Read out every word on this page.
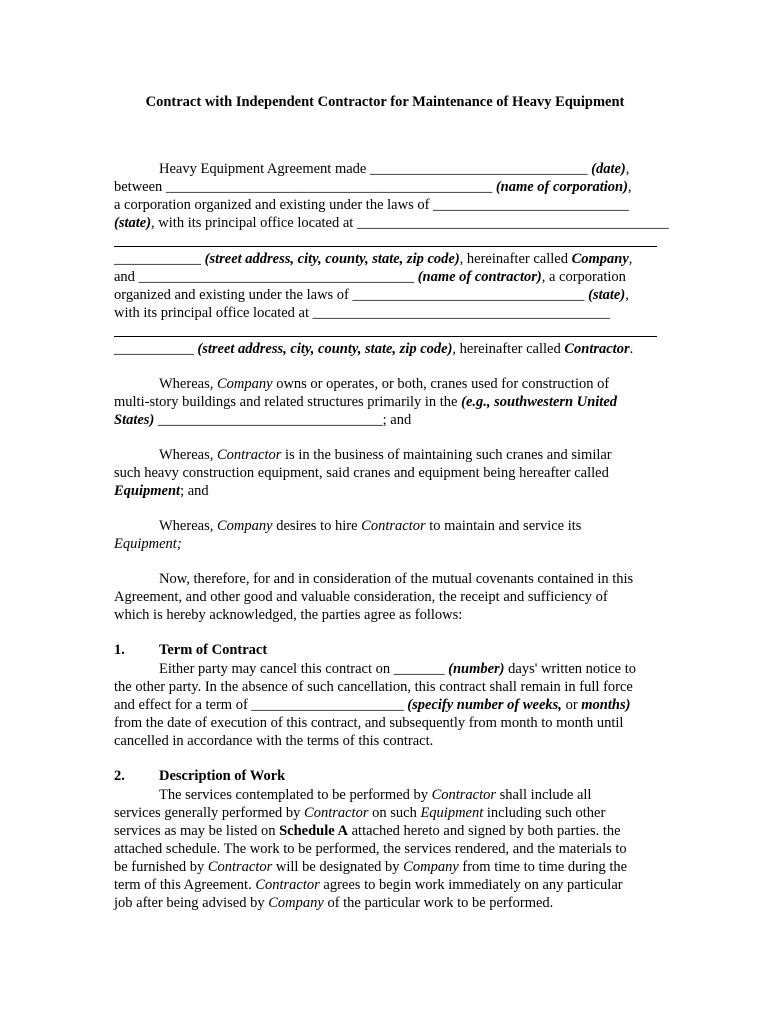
Contract with Independent Contractor for Maintenance of Heavy Equipment
Heavy Equipment Agreement made ______________________________ (date),
between _____________________________________________ (name of corporation),
a corporation organized and existing under the laws of ___________________________
(state), with its principal office located at ___________________________________________
____________ (street address, city, county, state, zip code), hereinafter called Company,
and ______________________________________ (name of contractor), a corporation
organized and existing under the laws of ________________________________ (state),
with its principal office located at _________________________________________
___________ (street address, city, county, state, zip code), hereinafter called Contractor.
Whereas, Company owns or operates, or both, cranes used for construction of
multi-story buildings and related structures primarily in the (e.g., southwestern United
States) _______________________________; and
Whereas, Contractor is in the business of maintaining such cranes and similar
such heavy construction equipment, said cranes and equipment being hereafter called
Equipment; and
Whereas, Company desires to hire Contractor to maintain and service its
Equipment;
Now, therefore, for and in consideration of the mutual covenants contained in this
Agreement, and other good and valuable consideration, the receipt and sufficiency of
which is hereby acknowledged, the parties agree as follows:
1. Term of Contract
Either party may cancel this contract on _______ (number) days' written notice to
the other party. In the absence of such cancellation, this contract shall remain in full force
and effect for a term of _____________________ (specify number of weeks, or months)
from the date of execution of this contract, and subsequently from month to month until
cancelled in accordance with the terms of this contract.
2. Description of Work
The services contemplated to be performed by Contractor shall include all
services generally performed by Contractor on such Equipment including such other
services as may be listed on Schedule A attached hereto and signed by both parties. the
attached schedule. The work to be performed, the services rendered, and the materials to
be furnished by Contractor will be designated by Company from time to time during the
term of this Agreement. Contractor agrees to begin work immediately on any particular
job after being advised by Company of the particular work to be performed.
